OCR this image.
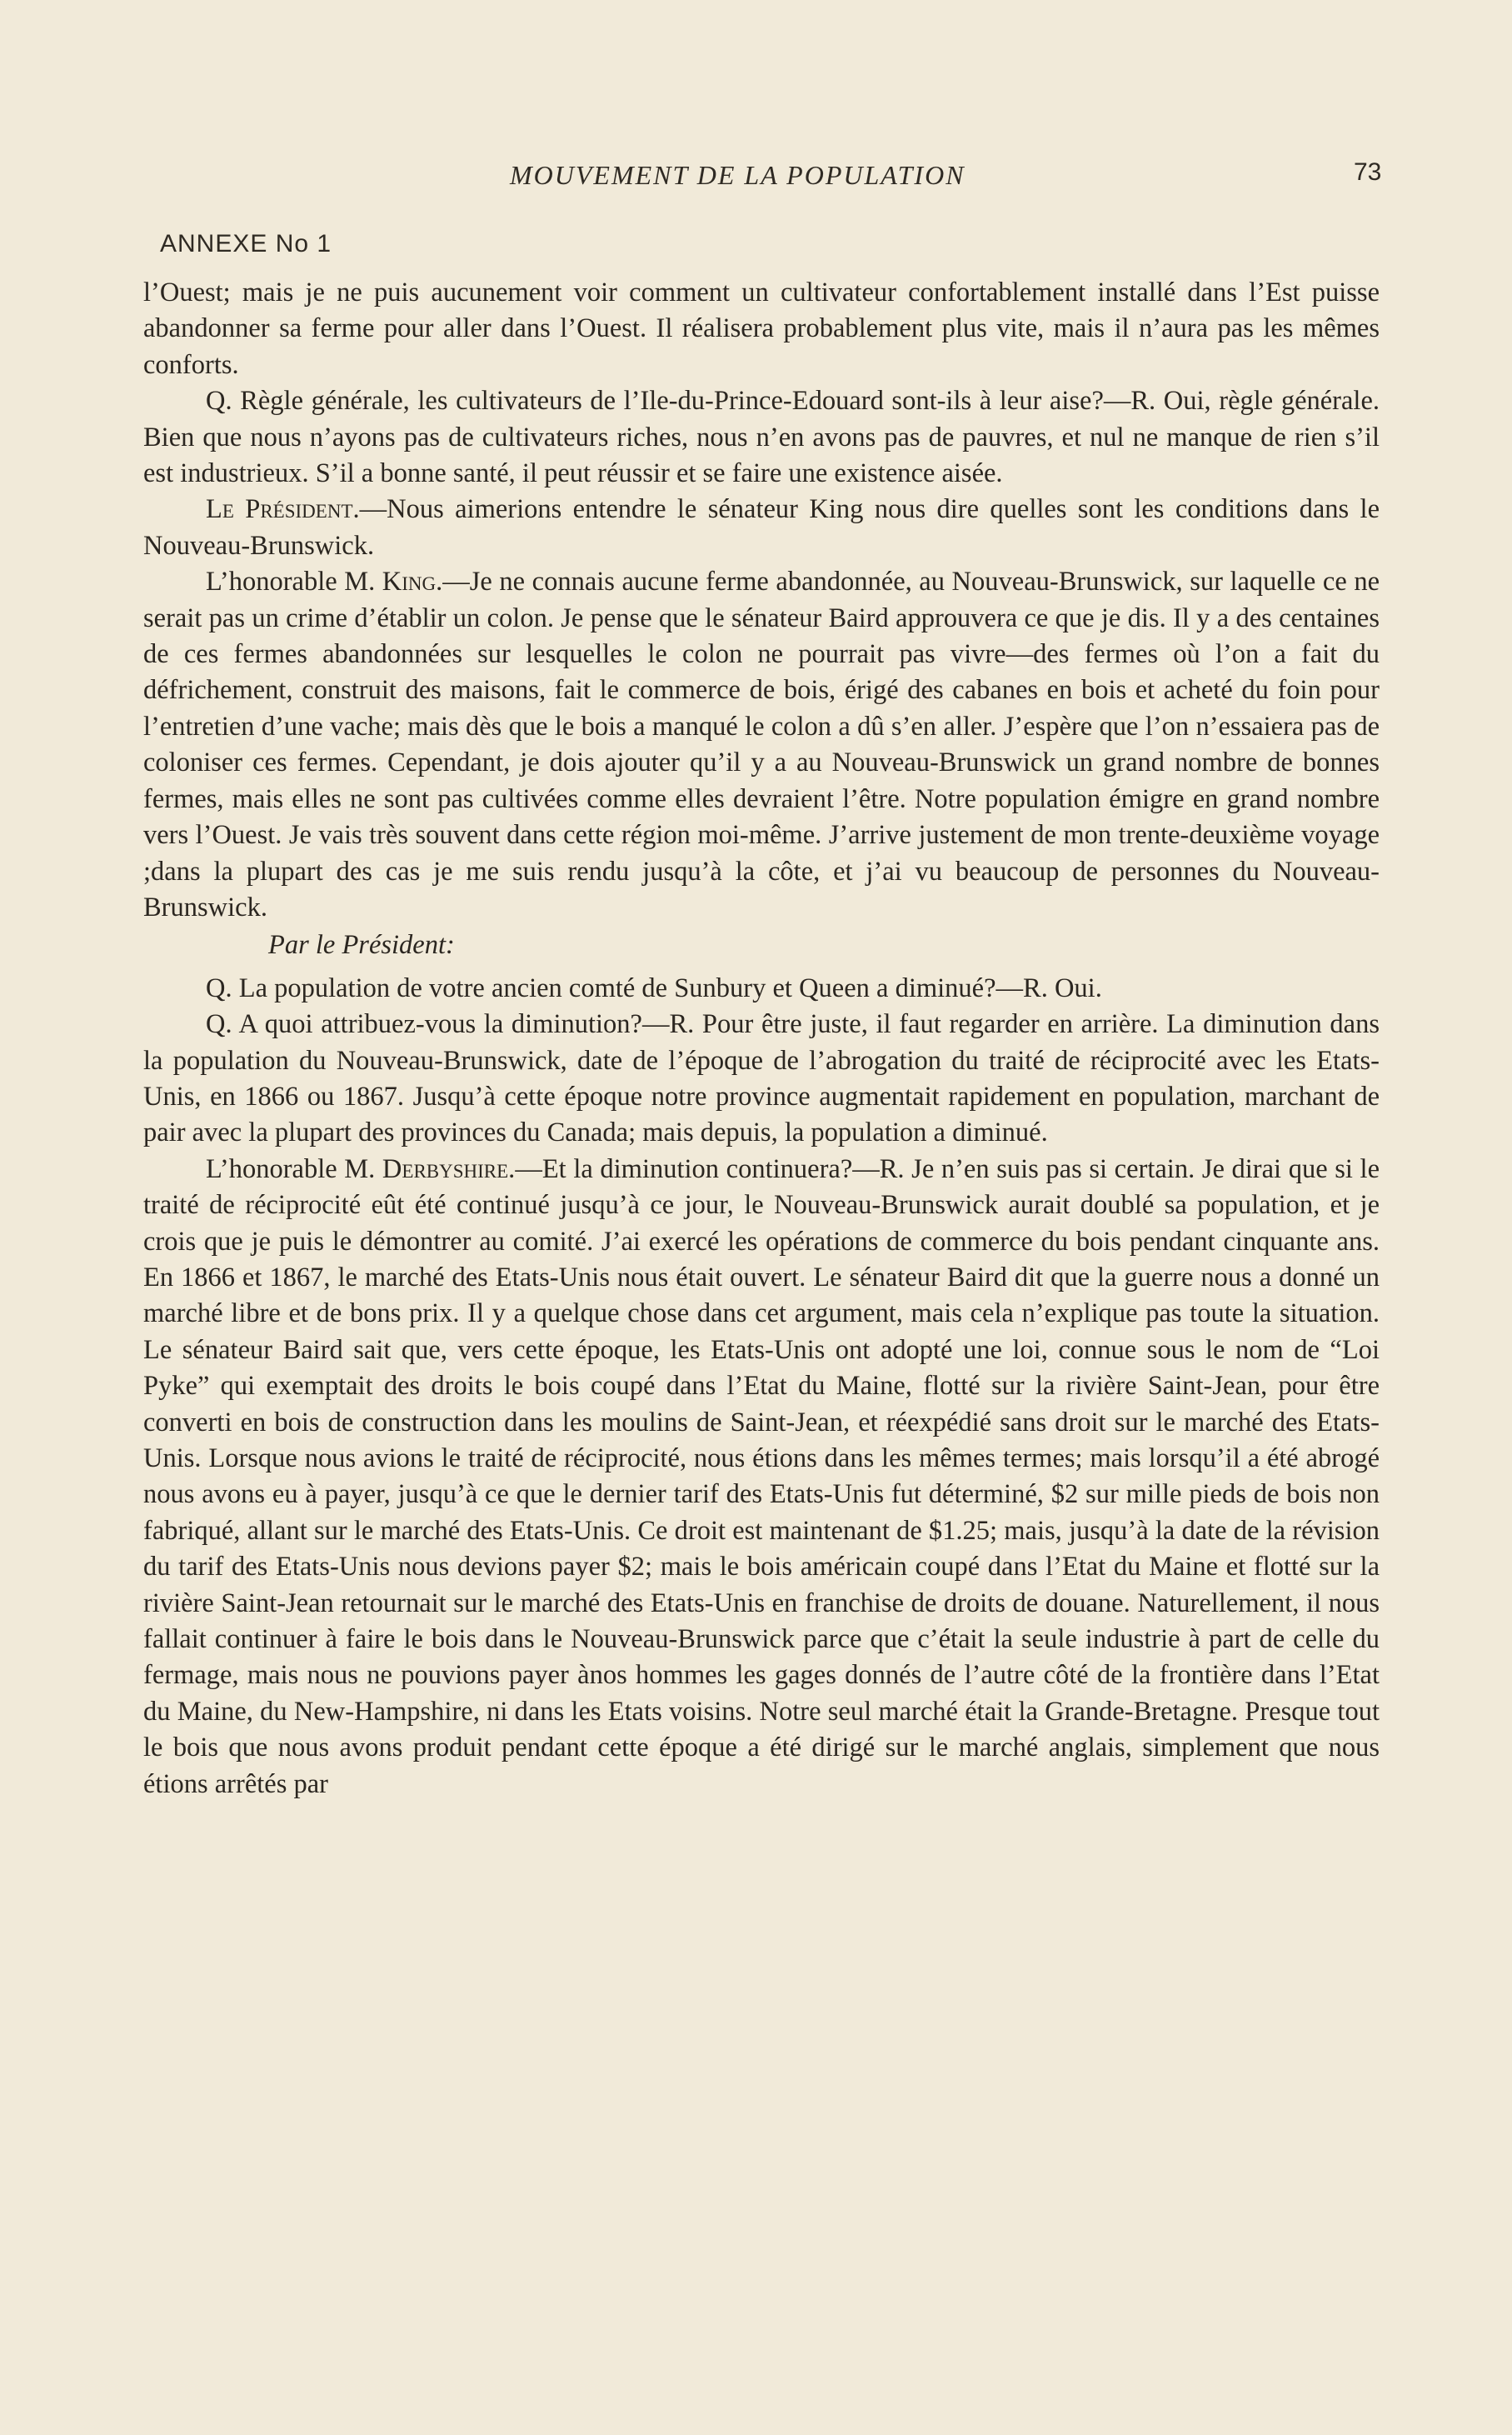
MOUVEMENT DE LA POPULATION	73
ANNEXE No 1

l’Ouest; mais je ne puis aucunement voir comment un cultivateur confortablement installé dans l’Est puisse abandonner sa ferme pour aller dans l’Ouest. Il réalisera probablement plus vite, mais il n’aura pas les mêmes conforts.

Q. Règle générale, les cultivateurs de l’Ile-du-Prince-Edouard sont-ils à leur aise?—R. Oui, règle générale. Bien que nous n’ayons pas de cultivateurs riches, nous n’en avons pas de pauvres, et nul ne manque de rien s’il est industrieux. S’il a bonne santé, il peut réussir et se faire une existence aisée.

Le Président.—Nous aimerions entendre le sénateur King nous dire quelles sont les conditions dans le Nouveau-Brunswick.

L’honorable M. King.—Je ne connais aucune ferme abandonnée, au Nouveau-Brunswick, sur laquelle ce ne serait pas un crime d’établir un colon. Je pense que le sénateur Baird approuvera ce que je dis. Il y a des centaines de ces fermes abandonnées sur lesquelles le colon ne pourrait pas vivre—des fermes où l’on a fait du défrichement, construit des maisons, fait le commerce de bois, érigé des cabanes en bois et acheté du foin pour l’entretien d’une vache; mais dès que le bois a manqué le colon a dû s’en aller. J’espère que l’on n’essaiera pas de coloniser ces fermes. Cependant, je dois ajouter qu’il y a au Nouveau-Brunswick un grand nombre de bonnes fermes, mais elles ne sont pas cultivées comme elles devraient l’être. Notre population émigre en grand nombre vers l’Ouest. Je vais très souvent dans cette région moi-même. J’arrive justement de mon trente-deuxième voyage ;dans la plupart des cas je me suis rendu jusqu’à la côte, et j’ai vu beaucoup de personnes du Nouveau-Brunswick.

Par le Président:

Q. La population de votre ancien comté de Sunbury et Queen a diminué?—R. Oui.

Q. A quoi attribuez-vous la diminution?—R. Pour être juste, il faut regarder en arrière. La diminution dans la population du Nouveau-Brunswick, date de l’époque de l’abrogation du traité de réciprocité avec les Etats-Unis, en 1866 ou 1867. Jusqu’à cette époque notre province augmentait rapidement en population, marchant de pair avec la plupart des provinces du Canada; mais depuis, la population a diminué.

L’honorable M. Derbyshire.—Et la diminution continuera?—R. Je n’en suis pas si certain. Je dirai que si le traité de réciprocité eût été continué jusqu’à ce jour, le Nouveau-Brunswick aurait doublé sa population, et je crois que je puis le démontrer au comité. J’ai exercé les opérations de commerce du bois pendant cinquante ans. En 1866 et 1867, le marché des Etats-Unis nous était ouvert. Le sénateur Baird dit que la guerre nous a donné un marché libre et de bons prix. Il y a quelque chose dans cet argument, mais cela n’explique pas toute la situation. Le sénateur Baird sait que, vers cette époque, les Etats-Unis ont adopté une loi, connue sous le nom de “Loi Pyke” qui exemptait des droits le bois coupé dans l’Etat du Maine, flotté sur la rivière Saint-Jean, pour être converti en bois de construction dans les moulins de Saint-Jean, et réexpédié sans droit sur le marché des Etats-Unis. Lorsque nous avions le traité de réciprocité, nous étions dans les mêmes termes; mais lorsqu’il a été abrogé nous avons eu à payer, jusqu’à ce que le dernier tarif des Etats-Unis fut déterminé, $2 sur mille pieds de bois non fabriqué, allant sur le marché des Etats-Unis. Ce droit est maintenant de $1.25; mais, jusqu’à la date de la révision du tarif des Etats-Unis nous devions payer $2; mais le bois américain coupé dans l’Etat du Maine et flotté sur la rivière Saint-Jean retournait sur le marché des Etats-Unis en franchise de droits de douane. Naturellement, il nous fallait continuer à faire le bois dans le Nouveau-Brunswick parce que c’était la seule industrie à part de celle du fermage, mais nous ne pouvions payer ànos hommes les gages donnés de l’autre côté de la frontière dans l’Etat du Maine, du New-Hampshire, ni dans les Etats voisins. Notre seul marché était la Grande-Bretagne. Presque tout le bois que nous avons produit pendant cette époque a été dirigé sur le marché anglais, simplement que nous étions arrêtés par
